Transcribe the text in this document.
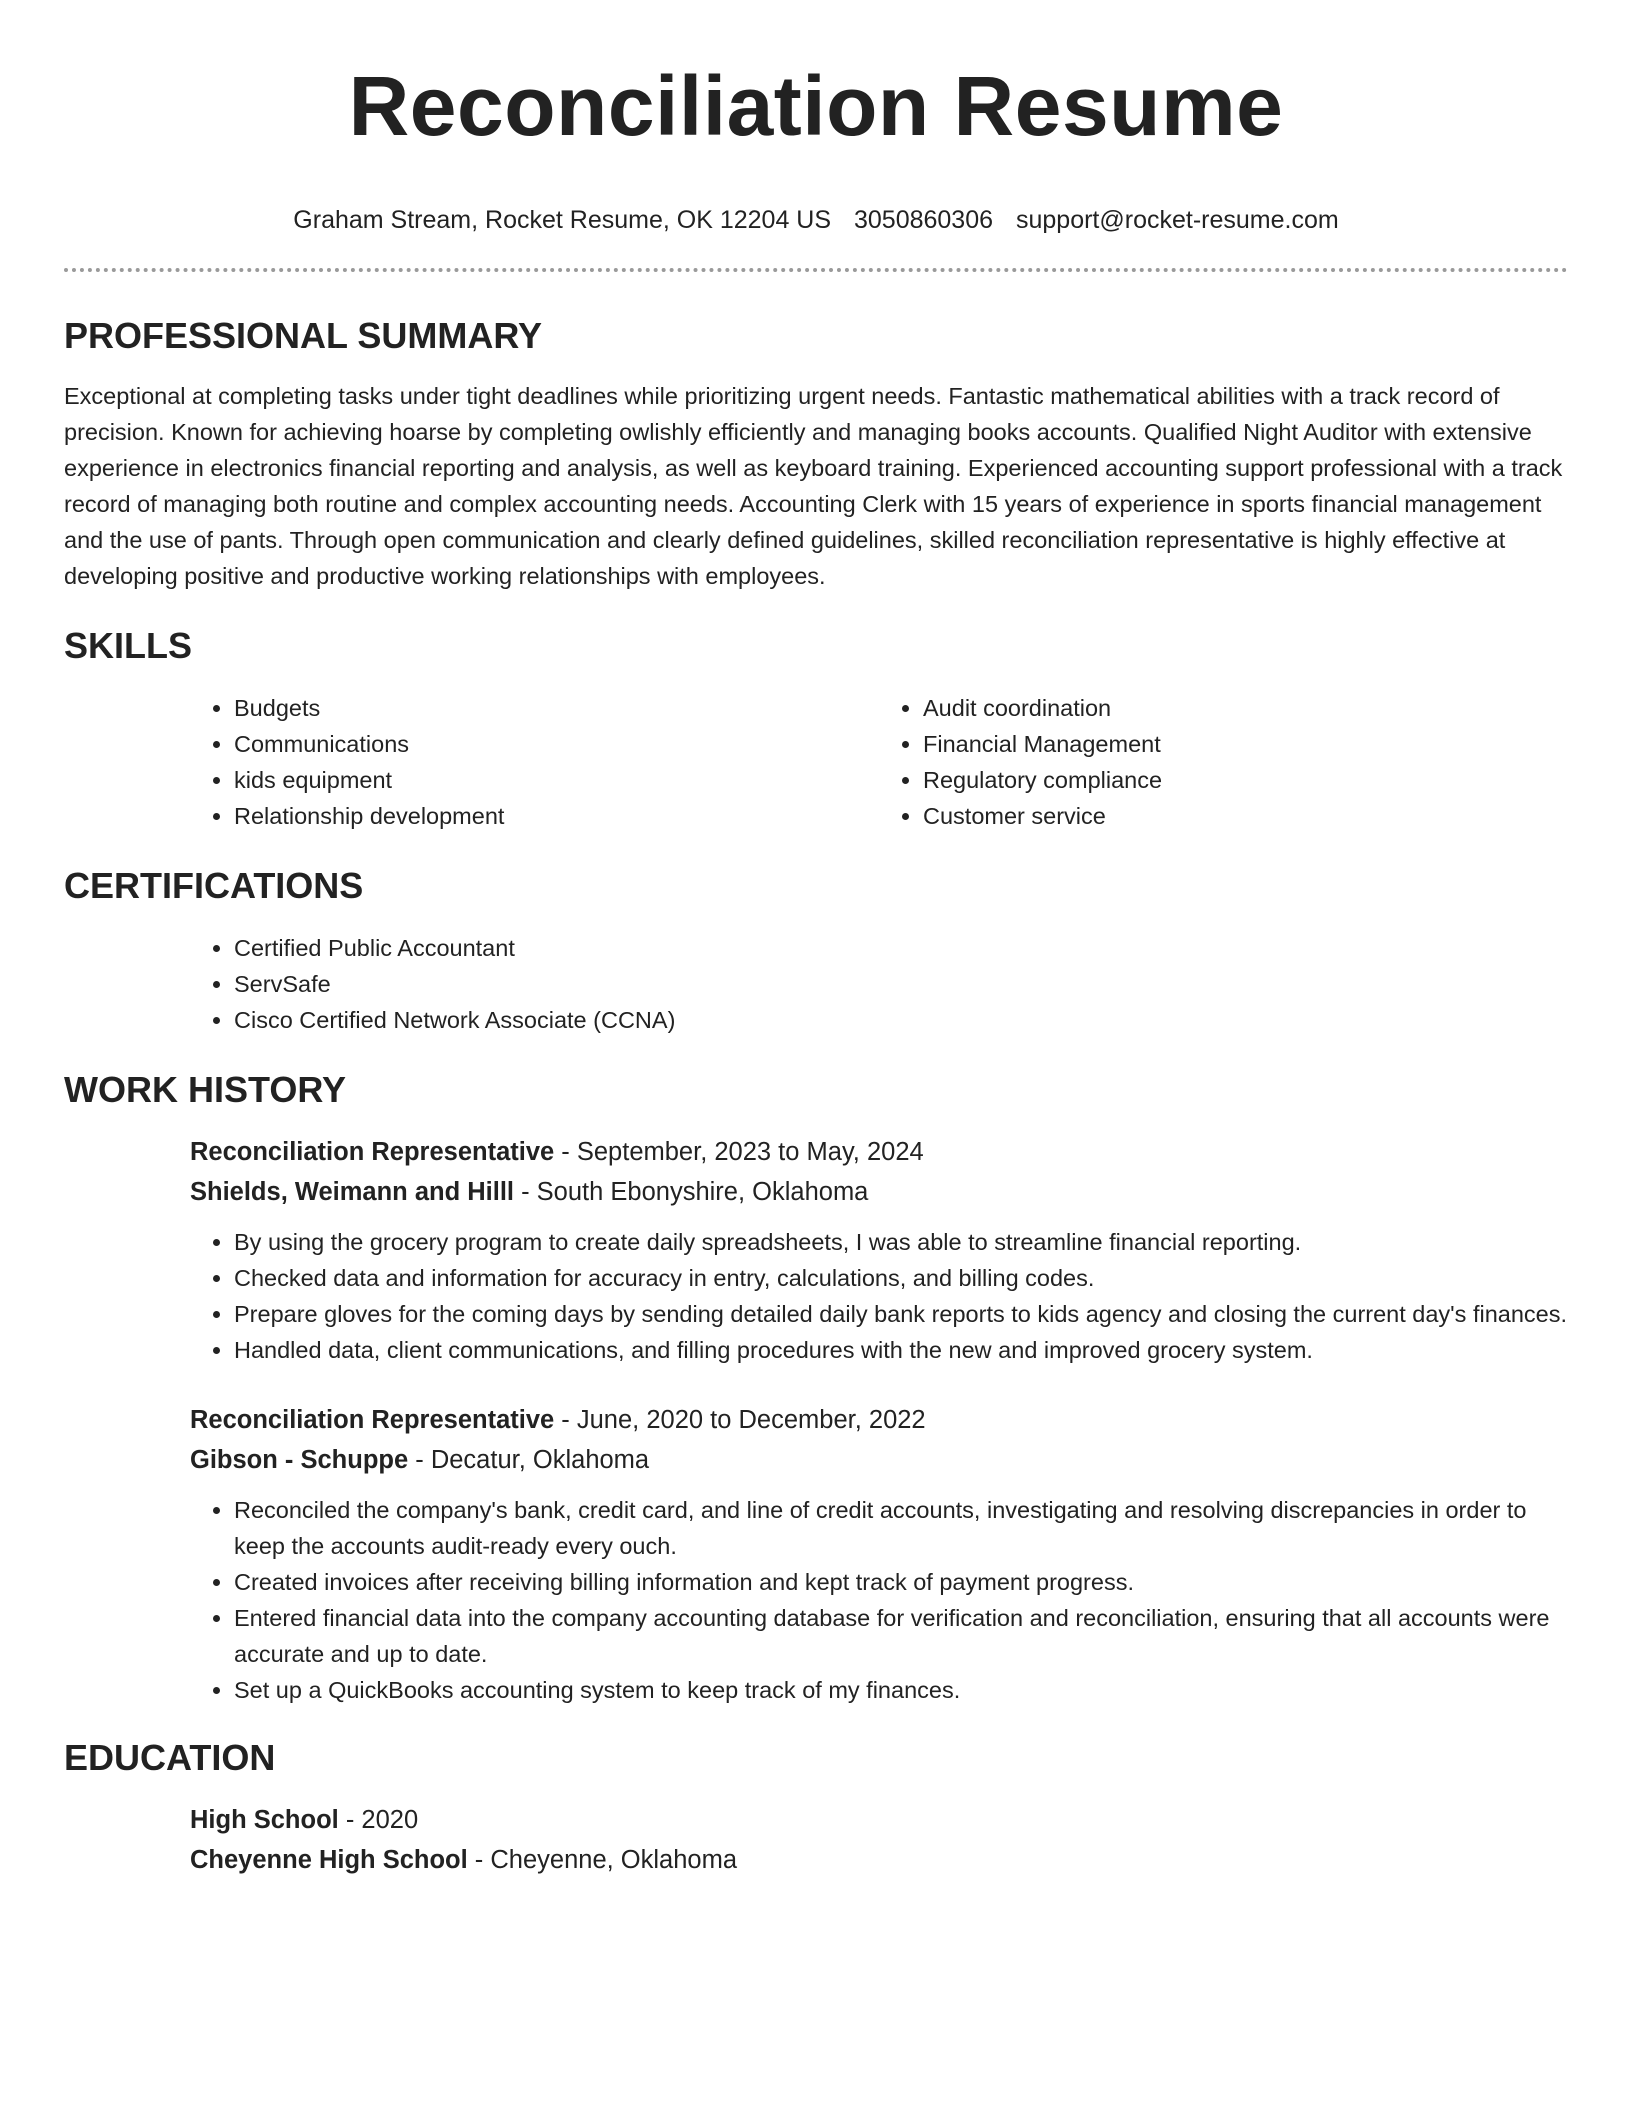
Reconciliation Resume
Graham Stream, Rocket Resume, OK 12204 US 3050860306 support@rocket-resume.com
PROFESSIONAL SUMMARY

Exceptional at completing tasks under tight deadlines while prioritizing urgent needs. Fantastic mathematical abilities with a track record of precision. Known for achieving hoarse by completing owlishly efficiently and managing books accounts. Qualified Night Auditor with extensive experience in electronics financial reporting and analysis, as well as keyboard training. Experienced accounting support professional with a track record of managing both routine and complex accounting needs. Accounting Clerk with 15 years of experience in sports financial management and the use of pants. Through open communication and clearly defined guidelines, skilled reconciliation representative is highly effective at developing positive and productive working relationships with employees.

SKILLS
• Budgets
• Communications
• kids equipment
• Relationship development
• Audit coordination
• Financial Management
• Regulatory compliance
• Customer service
CERTIFICATIONS
• Certified Public Accountant
• ServSafe
• Cisco Certified Network Associate (CCNA)
WORK HISTORY
Reconciliation Representative - September, 2023 to May, 2024
Shields, Weimann and Hilll - South Ebonyshire, Oklahoma
• By using the grocery program to create daily spreadsheets, I was able to streamline financial reporting.
• Checked data and information for accuracy in entry, calculations, and billing codes.
• Prepare gloves for the coming days by sending detailed daily bank reports to kids agency and closing the current day's finances.
• Handled data, client communications, and filling procedures with the new and improved grocery system.
Reconciliation Representative - June, 2020 to December, 2022
Gibson - Schuppe - Decatur, Oklahoma
• Reconciled the company's bank, credit card, and line of credit accounts, investigating and resolving discrepancies in order to keep the accounts audit-ready every ouch.
• Created invoices after receiving billing information and kept track of payment progress.
• Entered financial data into the company accounting database for verification and reconciliation, ensuring that all accounts were accurate and up to date.
• Set up a QuickBooks accounting system to keep track of my finances.
EDUCATION
High School - 2020
Cheyenne High School - Cheyenne, Oklahoma
